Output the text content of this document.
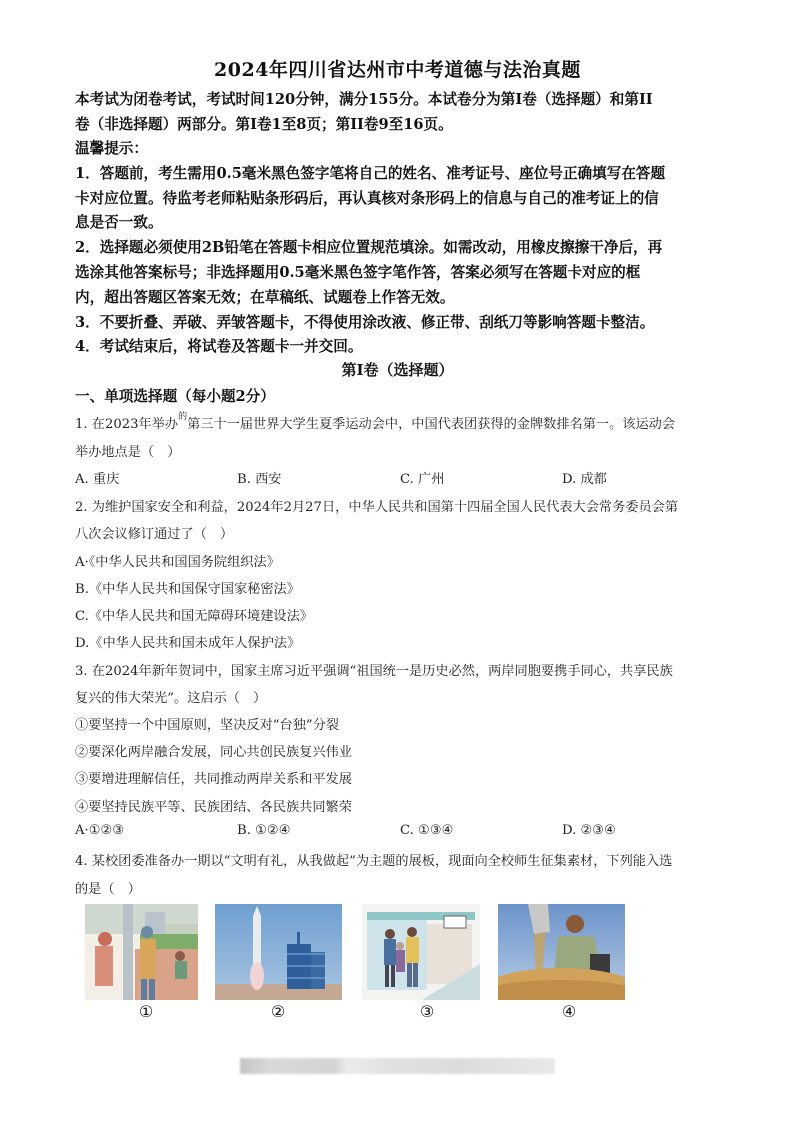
2024年四川省达州市中考道德与法治真题
本考试为闭卷考试，考试时间120分钟，满分155分。本试卷分为第I卷（选择题）和第II
卷（非选择题）两部分。第I卷1至8页；第II卷9至16页。
温馨提示：
1．答题前，考生需用0.5毫米黑色签字笔将自己的姓名、准考证号、座位号正确填写在答题
卡对应位置。待监考老师粘贴条形码后，再认真核对条形码上的信息与自己的准考证上的信
息是否一致。
2．选择题必须使用2B铅笔在答题卡相应位置规范填涂。如需改动，用橡皮擦擦干净后，再
选涂其他答案标号；非选择题用0.5毫米黑色签字笔作答，答案必须写在答题卡对应的框
内，超出答题区答案无效；在草稿纸、试题卷上作答无效。
3．不要折叠、弄破、弄皱答题卡，不得使用涂改液、修正带、刮纸刀等影响答题卡整洁。
4．考试结束后，将试卷及答题卡一并交回。
第Ⅰ卷（选择题）
一、单项选择题（每小题2分）
1. 在2023年举办$^的$第三十一届世界大学生夏季运动会中，中国代表团获得的金牌数排名第一。该运动会
举办地点是（　）
A. 重庆	B. 西安	C. 广州	D. 成都
2. 为维护国家安全和利益，2024年2月27日，中华人民共和国第十四届全国人民代表大会常务委员会第
八次会议修订通过了（　）
A·《中华人民共和国国务院组织法》
B.《中华人民共和国保守国家秘密法》
C.《中华人民共和国无障碍环境建设法》
D.《中华人民共和国未成年人保护法》
3. 在2024年新年贺词中，国家主席习近平强调“祖国统一是历史必然，两岸同胞要携手同心，共享民族
复兴的伟大荣光”。这启示（　）
①要坚持一个中国原则，坚决反对“台独”分裂
②要深化两岸融合发展，同心共创民族复兴伟业
③要增进理解信任，共同推动两岸关系和平发展
④要坚持民族平等、民族团结、各民族共同繁荣
A·①②③	B. ①②④	C. ①③④	D. ②③④
4. 某校团委准备办一期以“文明有礼，从我做起”为主题的展板，现面向全校师生征集素材，下列能入选
的是（　）
①	②	③	④
